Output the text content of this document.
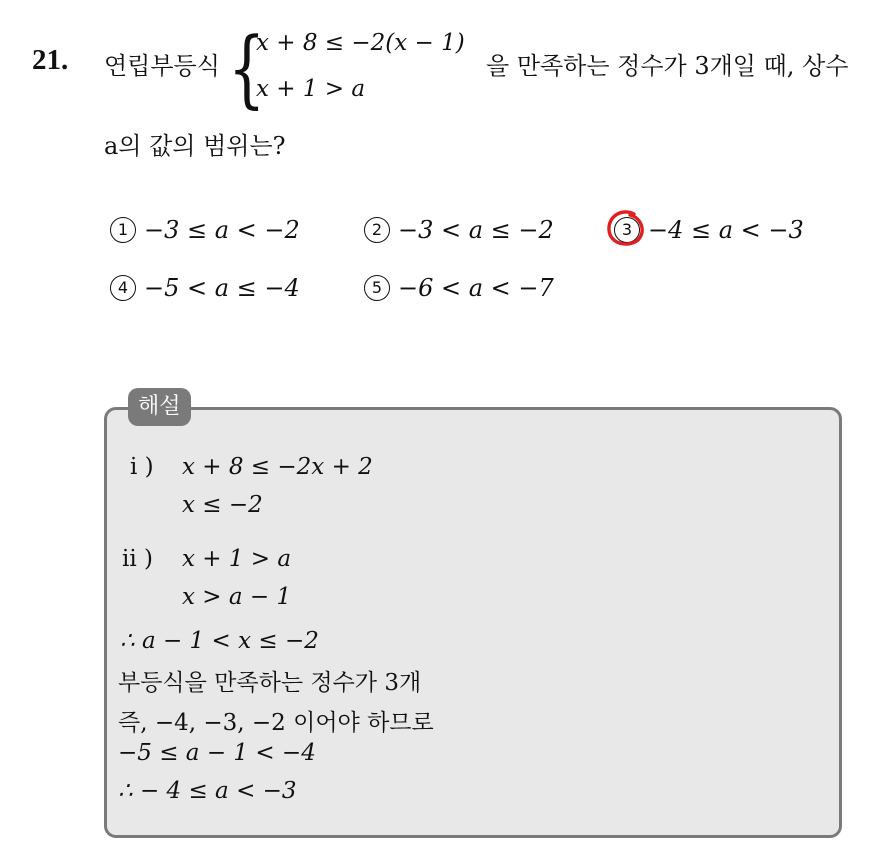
21. 연립부등식 {
x + 8 ≤ −2(x − 1)
x + 1 > a
을 만족하는 정수가 3개일 때, 상수
a의 값의 범위는?
1 −3 ≤ a < −2	2 −3 < a ≤ −2	3 −4 ≤ a < −3
4 −5 < a ≤ −4	5 −6 < a < −7
해설
i ) x + 8 ≤ −2x + 2
x ≤ −2
ii ) x + 1 > a
x > a − 1
∴ a − 1 < x ≤ −2
부등식을 만족하는 정수가 3개
즉, −4, −3, −2 이어야 하므로
−5 ≤ a − 1 < −4
∴ − 4 ≤ a < −3
